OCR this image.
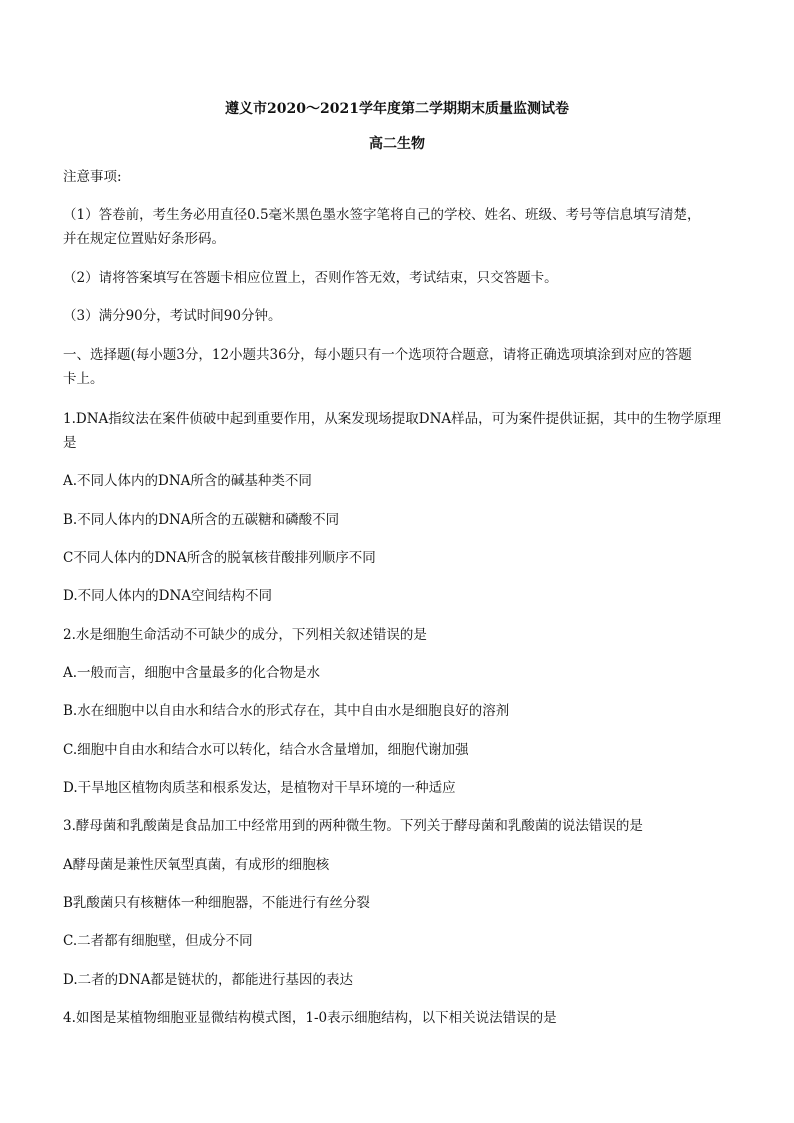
遵义市2020～2021学年度第二学期期末质量监测试卷
高二生物
注意事项:
（1）答卷前，考生务必用直径0.5毫米黑色墨水签字笔将自己的学校、姓名、班级、考号等信息填写清楚，
并在规定位置贴好条形码。
（2）请将答案填写在答题卡相应位置上，否则作答无效，考试结束，只交答题卡。
（3）满分90分，考试时间90分钟。
一、选择题(每小题3分，12小题共36分，每小题只有一个选项符合题意，请将正确选项填涂到对应的答题
卡上。
1.DNA指纹法在案件侦破中起到重要作用，从案发现场提取DNA样品，可为案件提供证据，其中的生物学原理
是
A.不同人体内的DNA所含的碱基种类不同
B.不同人体内的DNA所含的五碳糖和磷酸不同
C不同人体内的DNA所含的脱氧核苷酸排列顺序不同
D.不同人体内的DNA空间结构不同
2.水是细胞生命活动不可缺少的成分，下列相关叙述错误的是
A.一般而言，细胞中含量最多的化合物是水
B.水在细胞中以自由水和结合水的形式存在，其中自由水是细胞良好的溶剂
C.细胞中自由水和结合水可以转化，结合水含量增加，细胞代谢加强
D.干旱地区植物肉质茎和根系发达，是植物对干旱环境的一种适应
3.酵母菌和乳酸菌是食品加工中经常用到的两种微生物。下列关于酵母菌和乳酸菌的说法错误的是
A酵母菌是兼性厌氧型真菌，有成形的细胞核
B乳酸菌只有核糖体一种细胞器，不能进行有丝分裂
C.二者都有细胞壁，但成分不同
D.二者的DNA都是链状的，都能进行基因的表达
4.如图是某植物细胞亚显微结构模式图，1-0表示细胞结构，以下相关说法错误的是
